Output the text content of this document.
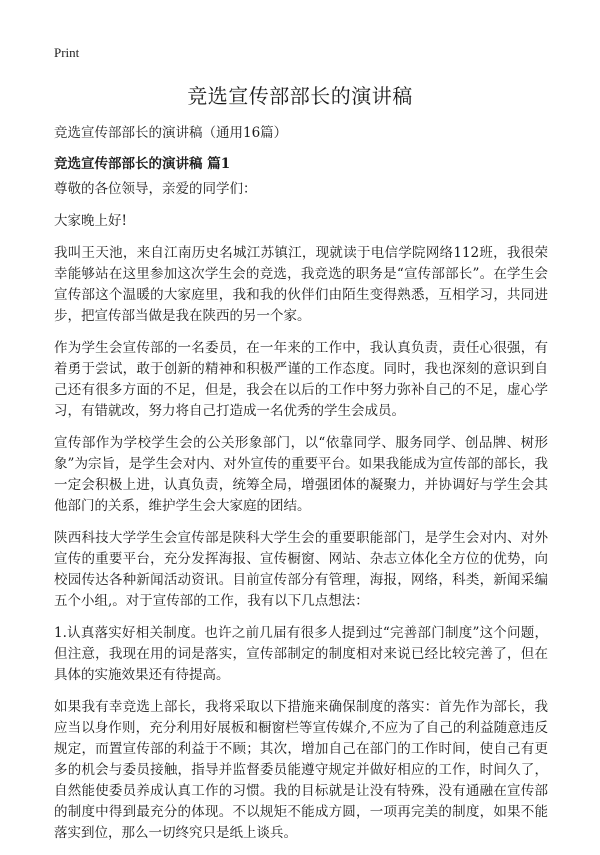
Print
竞选宣传部部长的演讲稿

竞选宣传部部长的演讲稿（通用16篇）

竞选宣传部部长的演讲稿 篇1

尊敬的各位领导，亲爱的同学们：

大家晚上好!

我叫王天池，来自江南历史名城江苏镇江，现就读于电信学院网络112班，我很荣幸能够站在这里参加这次学生会的竞选，我竞选的职务是“宣传部部长”。在学生会宣传部这个温暖的大家庭里，我和我的伙伴们由陌生变得熟悉，互相学习，共同进步，把宣传部当做是我在陕西的另一个家。

作为学生会宣传部的一名委员，在一年来的工作中，我认真负责，责任心很强，有着勇于尝试，敢于创新的精神和积极严谨的工作态度。同时，我也深刻的意识到自己还有很多方面的不足，但是，我会在以后的工作中努力弥补自己的不足，虚心学习，有错就改，努力将自己打造成一名优秀的学生会成员。

宣传部作为学校学生会的公关形象部门，以“依靠同学、服务同学、创品牌、树形象”为宗旨，是学生会对内、对外宣传的重要平台。如果我能成为宣传部的部长，我一定会积极上进，认真负责，统筹全局，增强团体的凝聚力，并协调好与学生会其他部门的关系，维护学生会大家庭的团结。

陕西科技大学学生会宣传部是陕科大学生会的重要职能部门，是学生会对内、对外宣传的重要平台，充分发挥海报、宣传橱窗、网站、杂志立体化全方位的优势，向校园传达各种新闻活动资讯。目前宣传部分有管理，海报，网络，科类，新闻采编五个小组,。对于宣传部的工作，我有以下几点想法：

1.认真落实好相关制度。也许之前几届有很多人提到过“完善部门制度”这个问题，但注意，我现在用的词是落实，宣传部制定的制度相对来说已经比较完善了，但在具体的实施效果还有待提高。

如果我有幸竞选上部长，我将采取以下措施来确保制度的落实：首先作为部长，我应当以身作则，充分利用好展板和橱窗栏等宣传媒介,不应为了自己的利益随意违反规定，而置宣传部的利益于不顾；其次，增加自己在部门的工作时间，使自己有更多的机会与委员接触，指导并监督委员能遵守规定并做好相应的工作，时间久了，自然能使委员养成认真工作的习惯。我的目标就是让没有特殊，没有通融在宣传部的制度中得到最充分的体现。不以规矩不能成方圆，一项再完美的制度，如果不能落实到位，那么一切终究只是纸上谈兵。
